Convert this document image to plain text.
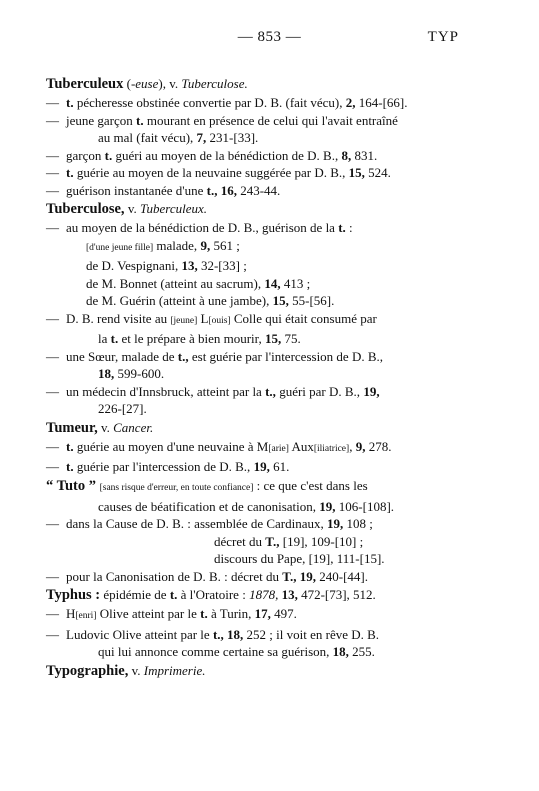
— 853 —	TYP
Tuberculeux (-euse), v. Tuberculose.
— t. pécheresse obstinée convertie par D. B. (fait vécu), 2, 164-[66].
— jeune garçon t. mourant en présence de celui qui l'avait entraîné
au mal (fait vécu), 7, 231-[33].
— garçon t. guéri au moyen de la bénédiction de D. B., 8, 831.
— t. guérie au moyen de la neuvaine suggérée par D. B., 15, 524.
— guérison instantanée d'une t., 16, 243-44.
Tuberculose, v. Tuberculeux.
— au moyen de la bénédiction de D. B., guérison de la t. :
[d'une jeune fille] malade, 9, 561 ;
de D. Vespignani, 13, 32-[33] ;
de M. Bonnet (atteint au sacrum), 14, 413 ;
de M. Guérin (atteint à une jambe), 15, 55-[56].
— D. B. rend visite au [jeune] L[ouis] Colle qui était consumé par
la t. et le prépare à bien mourir, 15, 75.
— une Sœur, malade de t., est guérie par l'intercession de D. B.,
18, 599-600.
— un médecin d'Innsbruck, atteint par la t., guéri par D. B., 19,
226-[27].
Tumeur, v. Cancer.
— t. guérie au moyen d'une neuvaine à M[arie] Aux[iliatrice], 9, 278.
— t. guérie par l'intercession de D. B., 19, 61.
“ Tuto ” [sans risque d'erreur, en toute confiance] : ce que c'est dans les
causes de béatification et de canonisation, 19, 106-[108].
— dans la Cause de D. B. : assemblée de Cardinaux, 19, 108 ;
décret du T., [19], 109-[10] ;
discours du Pape, [19], 111-[15].
— pour la Canonisation de D. B. : décret du T., 19, 240-[44].
Typhus : épidémie de t. à l'Oratoire : 1878, 13, 472-[73], 512.
— H[enri] Olive atteint par le t. à Turin, 17, 497.
— Ludovic Olive atteint par le t., 18, 252 ; il voit en rêve D. B.
qui lui annonce comme certaine sa guérison, 18, 255.
Typographie, v. Imprimerie.
